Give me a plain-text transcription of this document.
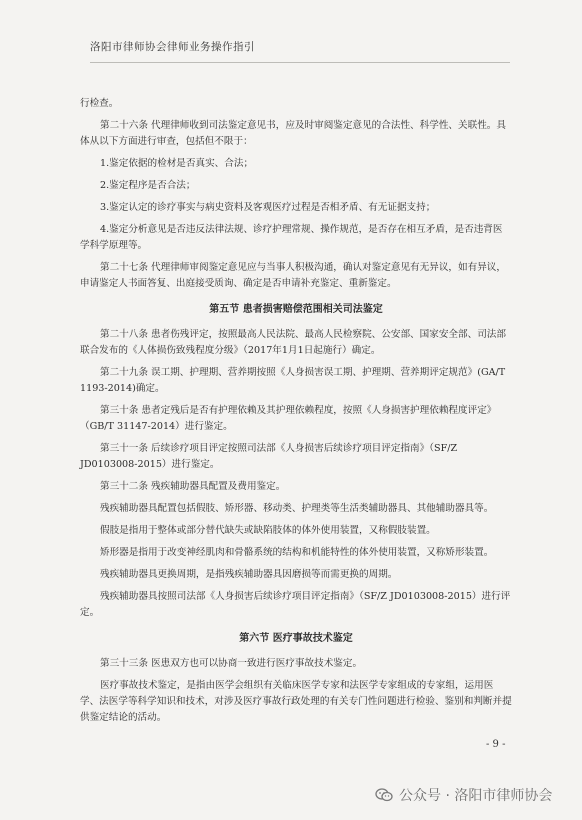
洛阳市律师协会律师业务操作指引

行检查。

第二十六条 代理律师收到司法鉴定意见书，应及时审阅鉴定意见的合法性、科学性、关联性。具体从以下方面进行审查，包括但不限于：

1.鉴定依据的检材是否真实、合法；

2.鉴定程序是否合法；

3.鉴定认定的诊疗事实与病史资料及客观医疗过程是否相矛盾、有无证据支持；

4.鉴定分析意见是否违反法律法规、诊疗护理常规、操作规范，是否存在相互矛盾，是否违背医学科学原理等。

第二十七条 代理律师审阅鉴定意见应与当事人积极沟通，确认对鉴定意见有无异议，如有异议，申请鉴定人书面答复、出庭接受质询、确定是否申请补充鉴定、重新鉴定。

第五节 患者损害赔偿范围相关司法鉴定

第二十八条 患者伤残评定，按照最高人民法院、最高人民检察院、公安部、国家安全部、司法部联合发布的《人体损伤致残程度分级》（2017年1月1日起施行）确定。

第二十九条 误工期、护理期、营养期按照《人身损害误工期、护理期、营养期评定规范》(GA/T 1193-2014)确定。

第三十条 患者定残后是否有护理依赖及其护理依赖程度，按照《人身损害护理依赖程度评定》（GB/T 31147-2014）进行鉴定。

第三十一条 后续诊疗项目评定按照司法部《人身损害后续诊疗项目评定指南》（SF/Z JD0103008-2015）进行鉴定。

第三十二条 残疾辅助器具配置及费用鉴定。

残疾辅助器具配置包括假肢、矫形器、移动类、护理类等生活类辅助器具、其他辅助器具等。

假肢是指用于整体或部分替代缺失或缺陷肢体的体外使用装置，又称假肢装置。

矫形器是指用于改变神经肌肉和骨骼系统的结构和机能特性的体外使用装置，又称矫形装置。

残疾辅助器具更换周期，是指残疾辅助器具因磨损等而需更换的周期。

残疾辅助器具按照司法部《人身损害后续诊疗项目评定指南》（SF/Z JD0103008-2015）进行评定。

第六节 医疗事故技术鉴定

第三十三条 医患双方也可以协商一致进行医疗事故技术鉴定。

医疗事故技术鉴定，是指由医学会组织有关临床医学专家和法医学专家组成的专家组，运用医学、法医学等科学知识和技术，对涉及医疗事故行政处理的有关专门性问题进行检验、鉴别和判断并提供鉴定结论的活动。

- 9 -
公众号 · 洛阳市律师协会
